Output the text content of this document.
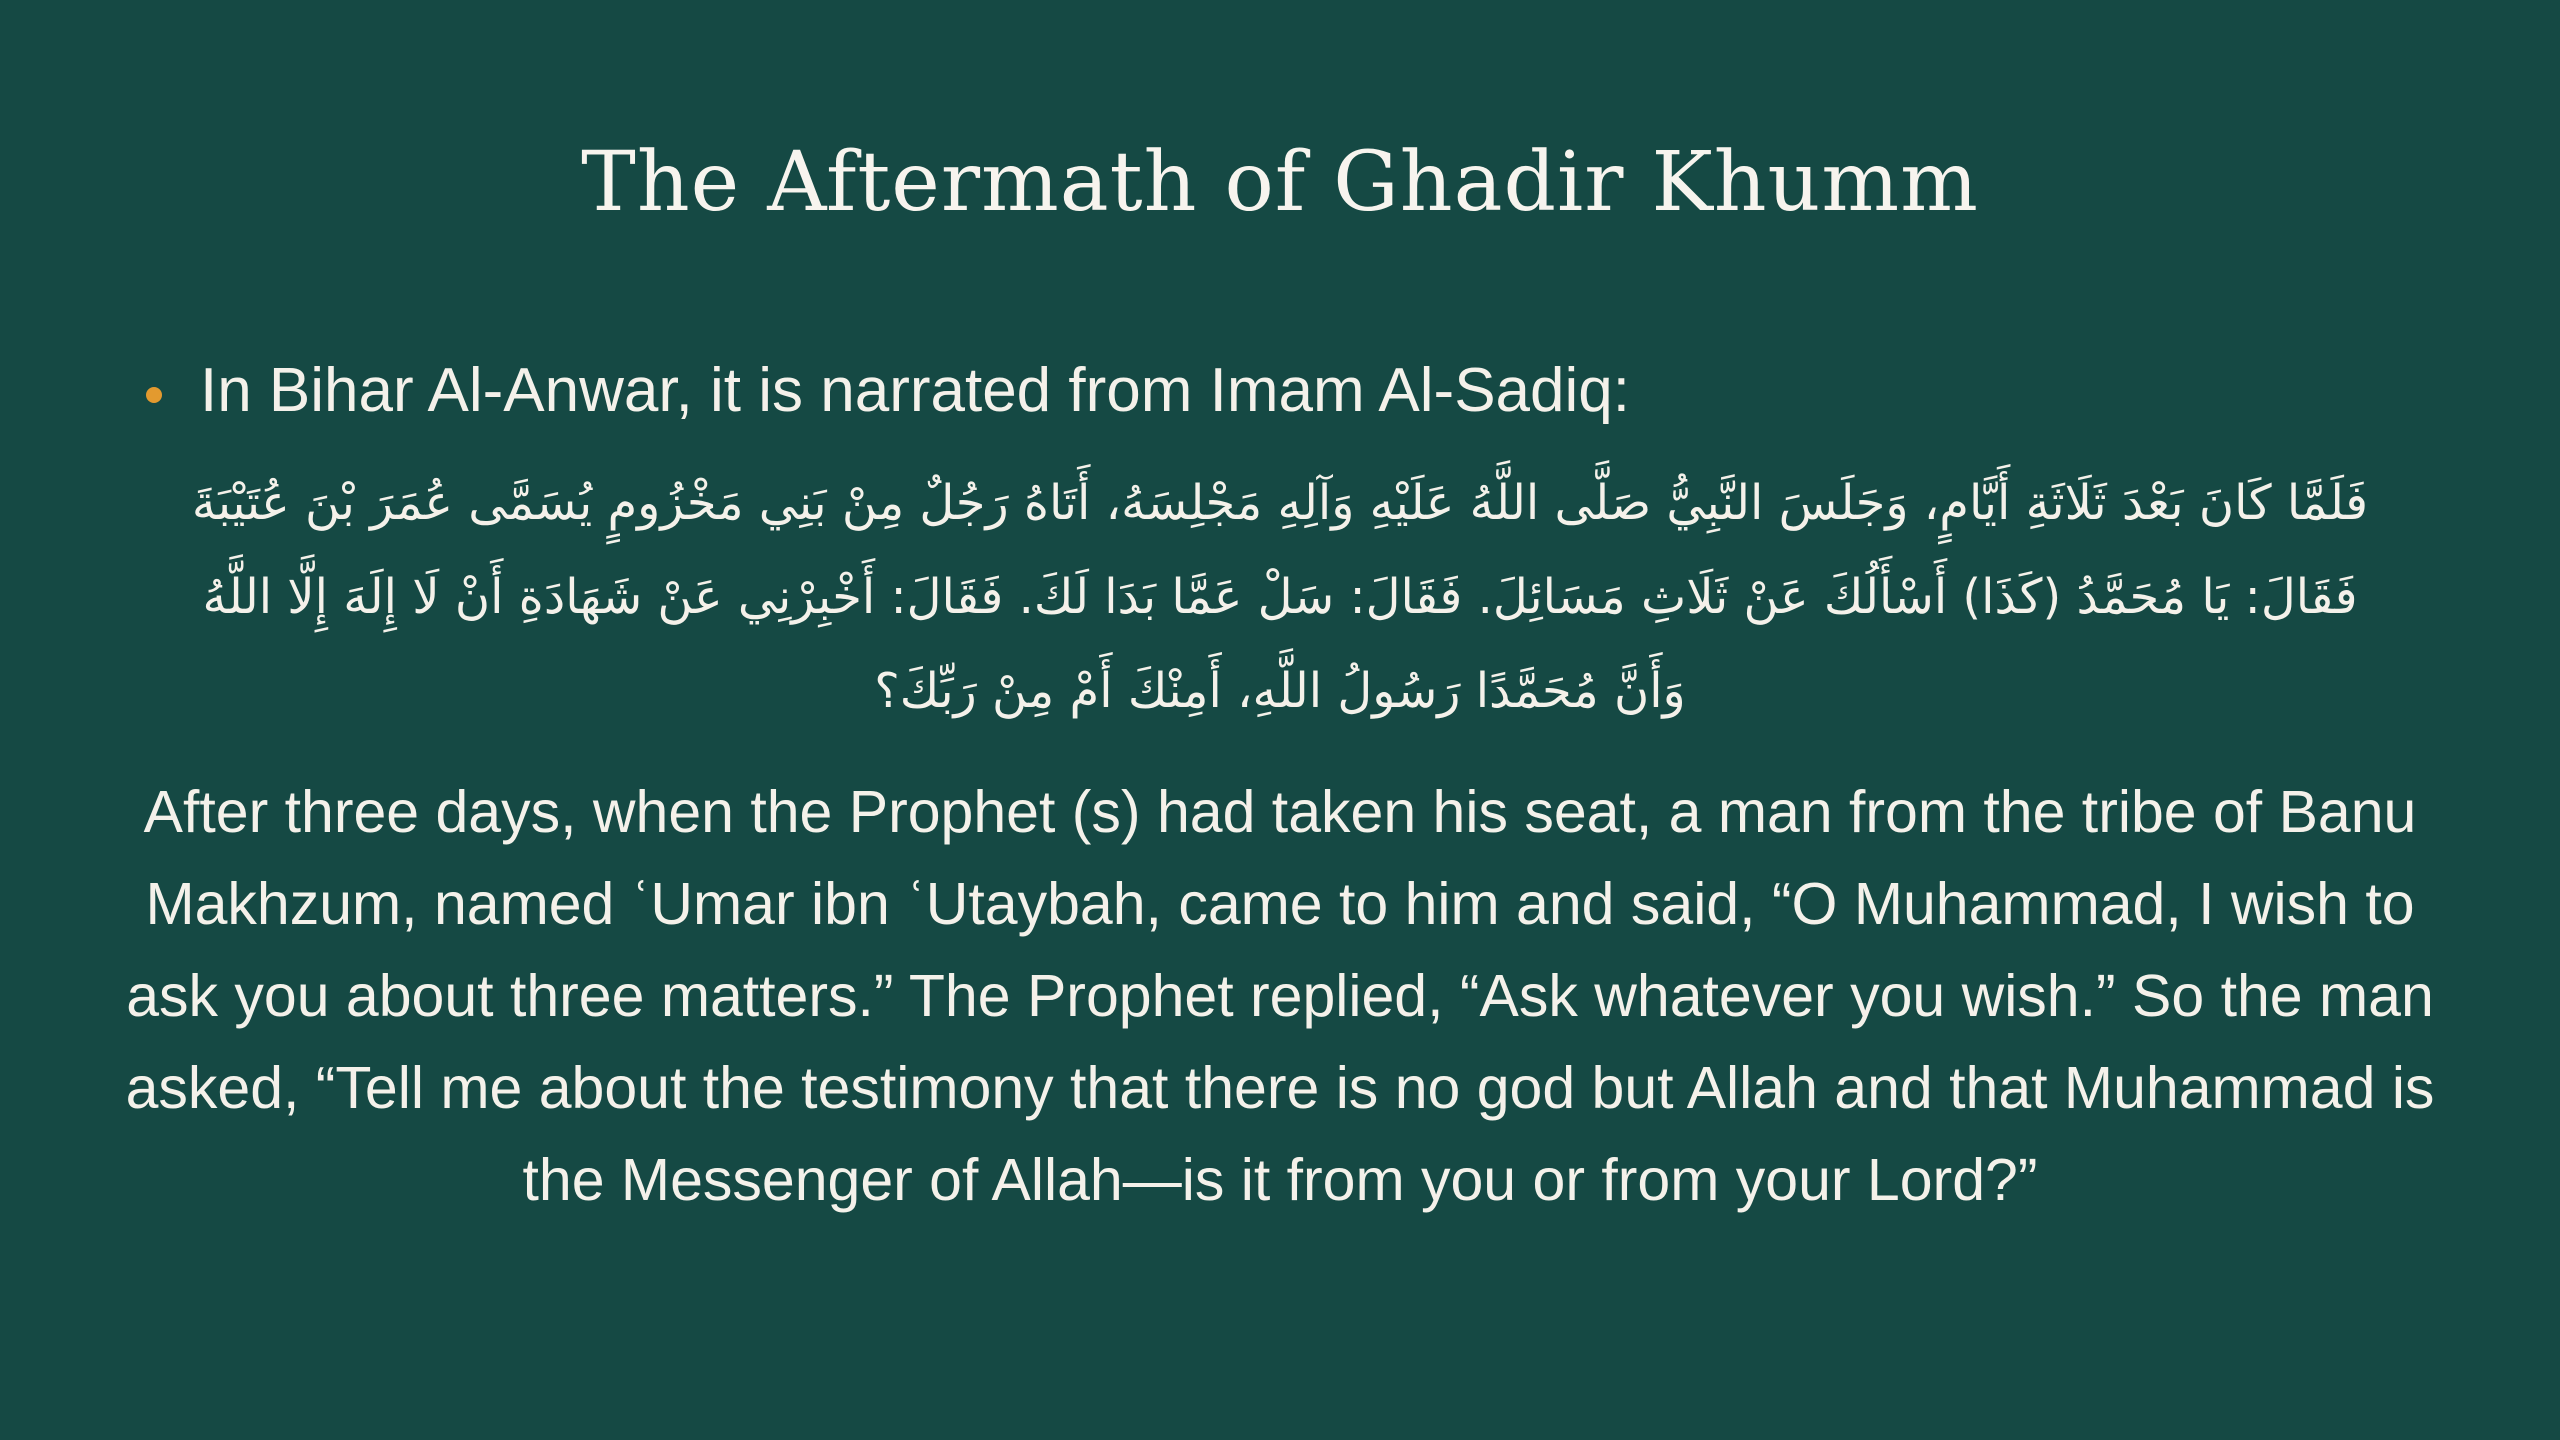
The Aftermath of Ghadir Khumm
In Bihar Al-Anwar, it is narrated from Imam Al-Sadiq:
فَلَمَّا كَانَ بَعْدَ ثَلَاثَةِ أَيَّامٍ، وَجَلَسَ النَّبِيُّ صَلَّى اللَّهُ عَلَيْهِ وَآلِهِ مَجْلِسَهُ، أَتَاهُ رَجُلٌ مِنْ بَنِي مَخْزُومٍ يُسَمَّى عُمَرَ بْنَ عُتَيْبَةَ فَقَالَ: يَا مُحَمَّدُ (كَذَا) أَسْأَلُكَ عَنْ ثَلَاثِ مَسَائِلَ. فَقَالَ: سَلْ عَمَّا بَدَا لَكَ. فَقَالَ: أَخْبِرْنِي عَنْ شَهَادَةِ أَنْ لَا إِلَهَ إِلَّا اللَّهُ وَأَنَّ مُحَمَّدًا رَسُولُ اللَّهِ، أَمِنْكَ أَمْ مِنْ رَبِّكَ؟
After three days, when the Prophet (s) had taken his seat, a man from the tribe of Banu Makhzum, named ʿUmar ibn ʿUtaybah, came to him and said, “O Muhammad, I wish to ask you about three matters.” The Prophet replied, “Ask whatever you wish.” So the man asked, “Tell me about the testimony that there is no god but Allah and that Muhammad is the Messenger of Allah—is it from you or from your Lord?”
